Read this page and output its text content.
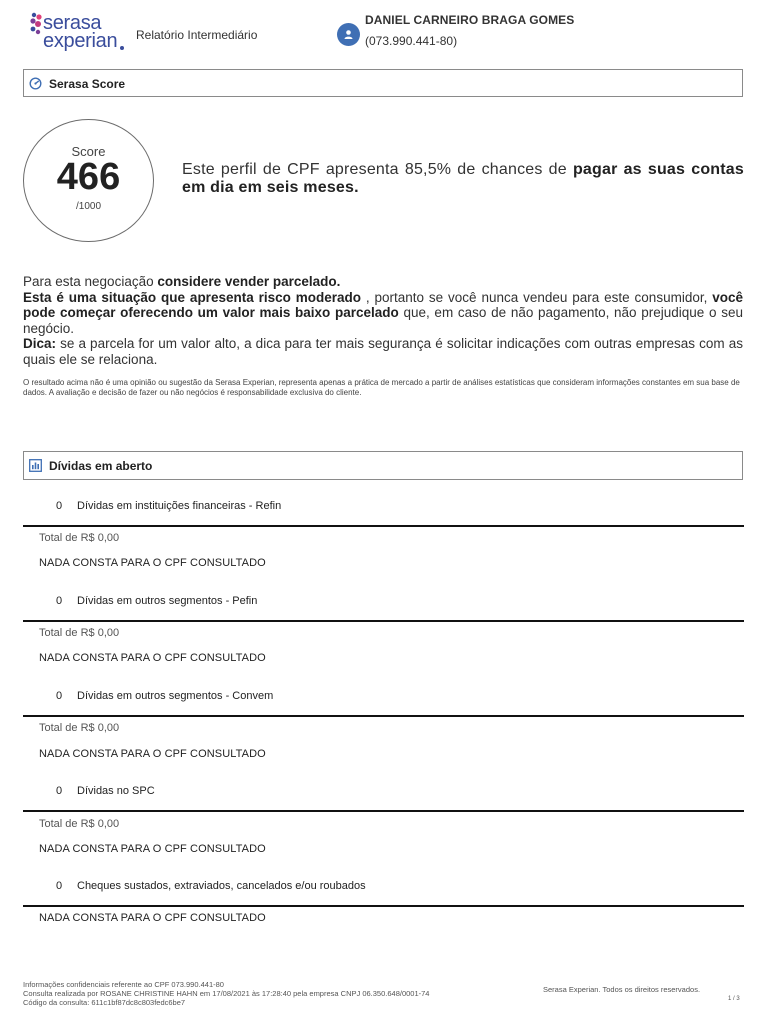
serasa
experian Relatório Intermediário
DANIEL CARNEIRO BRAGA GOMES
(073.990.441-80)
Serasa Score
Score
466
/1000
Este perfil de CPF apresenta 85,5% de chances de pagar as suas contas em dia em seis meses.
Para esta negociação considere vender parcelado.
Esta é uma situação que apresenta risco moderado , portanto se você nunca vendeu para este consumidor, você pode começar oferecendo um valor mais baixo parcelado que, em caso de não pagamento, não prejudique o seu negócio.
Dica: se a parcela for um valor alto, a dica para ter mais segurança é solicitar indicações com outras empresas com as quais ele se relaciona.
O resultado acima não é uma opinião ou sugestão da Serasa Experian, representa apenas a prática de mercado a partir de análises estatísticas que consideram informações constantes em sua base de dados. A avaliação e decisão de fazer ou não negócios é responsabilidade exclusiva do cliente.
Dívidas em aberto
0 Dívidas em instituições financeiras - Refin
Total de R$ 0,00
NADA CONSTA PARA O CPF CONSULTADO
0 Dívidas em outros segmentos - Pefin
Total de R$ 0,00
NADA CONSTA PARA O CPF CONSULTADO
0 Dívidas em outros segmentos - Convem
Total de R$ 0,00
NADA CONSTA PARA O CPF CONSULTADO
0 Dívidas no SPC
Total de R$ 0,00
NADA CONSTA PARA O CPF CONSULTADO
0 Cheques sustados, extraviados, cancelados e/ou roubados
NADA CONSTA PARA O CPF CONSULTADO
Informações confidenciais referente ao CPF 073.990.441-80
Consulta realizada por ROSANE CHRISTINE HAHN em 17/08/2021 às 17:28:40 pela empresa CNPJ 06.350.648/0001-74
Código da consulta: 611c1bf87dc8c803fedc6be7
Serasa Experian. Todos os direitos reservados.
1 / 3
